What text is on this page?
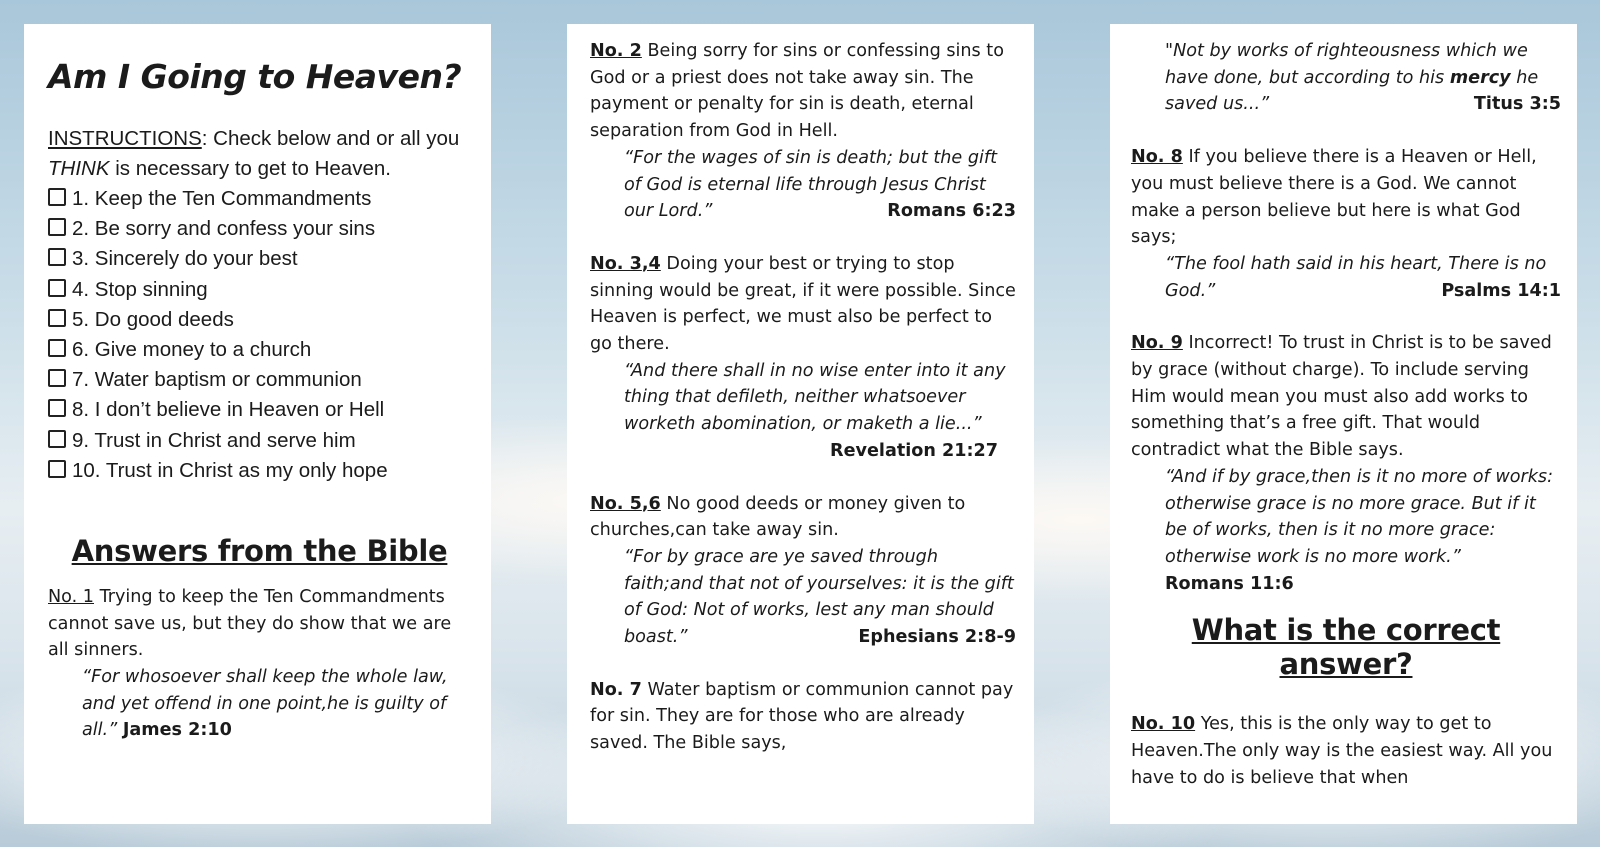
Am I Going to Heaven?
INSTRUCTIONS: Check below and or all you THINK is necessary to get to Heaven.
1. Keep the Ten Commandments
2. Be sorry and confess your sins
3. Sincerely do your best
4. Stop sinning
5. Do good deeds
6. Give money to a church
7. Water baptism or communion
8. I don’t believe in Heaven or Hell
9. Trust in Christ and serve him
10. Trust in Christ as my only hope
Answers from the Bible
No. 1 Trying to keep the Ten Commandments cannot save us, but they do show that we are all sinners.
“For whosoever shall keep the whole law, and yet offend in one point,he is guilty of all.” James 2:10
No. 2 Being sorry for sins or confessing sins to God or a priest does not take away sin. The payment or penalty for sin is death, eternal separation from God in Hell.
“For the wages of sin is death; but the gift of God is eternal life through Jesus Christ our Lord.”	Romans 6:23
No. 3,4 Doing your best or trying to stop sinning would be great, if it were possible. Since Heaven is perfect, we must also be perfect to go there.
“And there shall in no wise enter into it any thing that defileth, neither whatsoever worketh abomination, or maketh a lie...”
Revelation 21:27
No. 5,6 No good deeds or money given to churches,can take away sin.
“For by grace are ye saved through faith;and that not of yourselves: it is the gift of God: Not of works, lest any man should boast.”	Ephesians 2:8-9
No. 7 Water baptism or communion cannot pay for sin. They are for those who are already saved. The Bible says,
"Not by works of righteousness which we have done, but according to his mercy he saved us...”	Titus 3:5
No. 8 If you believe there is a Heaven or Hell, you must believe there is a God. We cannot make a person believe but here is what God says;
“The fool hath said in his heart, There is no God.”	Psalms 14:1
No. 9 Incorrect! To trust in Christ is to be saved by grace (without charge). To include serving Him would mean you must also add works to something that’s a free gift. That would contradict what the Bible says.
“And if by grace,then is it no more of works: otherwise grace is no more grace. But if it be of works, then is it no more grace: otherwise work is no more work.”
Romans 11:6
What is the correct answer?
No. 10 Yes, this is the only way to get to Heaven.The only way is the easiest way. All you have to do is believe that when
